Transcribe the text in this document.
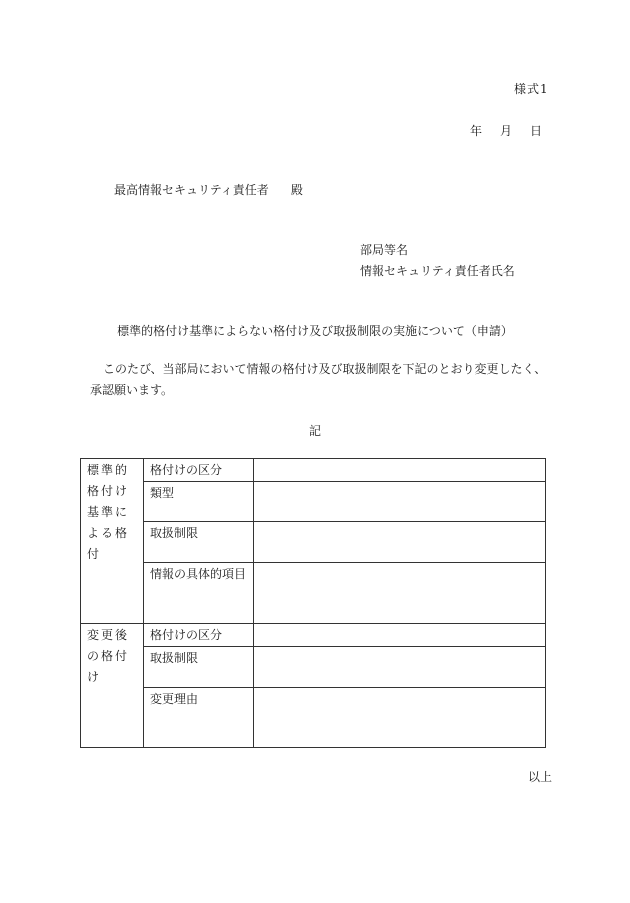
様式1
年 月 日
最高情報セキュリティ責任者 殿
部局等名
情報セキュリティ責任者氏名
標準的格付け基準によらない格付け及び取扱制限の実施について（申請）
このたび、当部局において情報の格付け及び取扱制限を下記のとおり変更したく、
承認願います。
記
標準的格付け基準による格付	格付けの区分	
	類型	
	取扱制限	
	情報の具体的項目	
変更後の格付け	格付けの区分	
	取扱制限	
	変更理由	
以上
